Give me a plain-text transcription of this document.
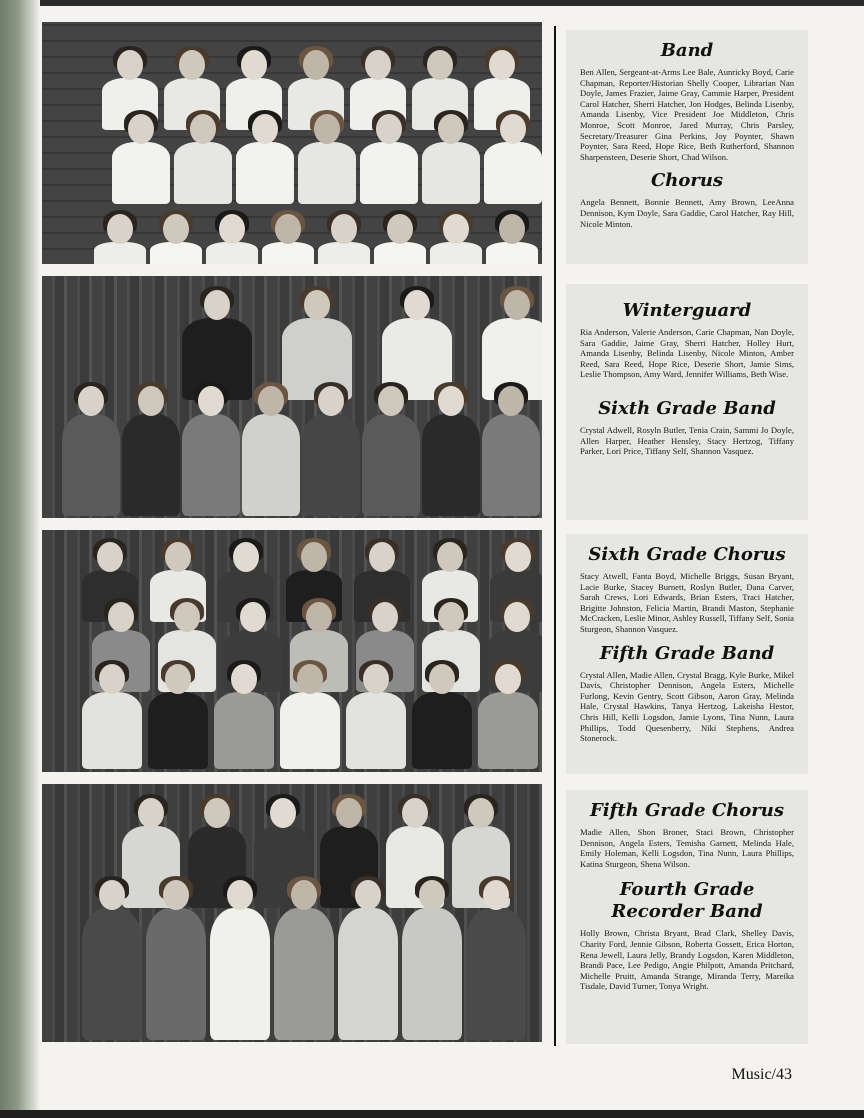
Band

Ben Allen, Sergeant-at-Arms Lee Bale, Aunricky Boyd, Carie Chapman, Reporter/Historian Shelly Cooper, Librarian Nan Doyle, James Frazier, Jaime Gray, Cammie Harper, President Carol Hatcher, Sherri Hatcher, Jon Hodges, Belinda Lisenby, Amanda Lisenby, Vice President Joe Middleton, Chris Monroe, Scott Monroe, Jared Murray, Chris Parsley, Secretary/Treasurer Gina Perkins, Joy Poynter, Shawn Poynter, Sara Reed, Hope Rice, Beth Rutherford, Shannon Sharpensteen, Deserie Short, Chad Wilson.

Chorus

Angela Bennett, Bonnie Bennett, Amy Brown, LeeAnna Dennison, Kym Doyle, Sara Gaddie, Carol Hatcher, Ray Hill, Nicole Minton.

Winterguard

Ria Anderson, Valerie Anderson, Carie Chapman, Nan Doyle, Sara Gaddie, Jaime Gray, Sherri Hatcher, Holley Hurt, Amanda Lisenby, Belinda Lisenby, Nicole Minton, Amber Reed, Sara Reed, Hope Rice, Deserie Short, Jamie Sims, Leslie Thompson, Amy Ward, Jennifer Williams, Beth Wise.

Sixth Grade Band

Crystal Adwell, Rosyln Butler, Tenia Crain, Sammi Jo Doyle, Allen Harper, Heather Hensley, Stacy Hertzog, Tiffany Parker, Lori Price, Tiffany Self, Shannon Vasquez.

Sixth Grade Chorus

Stacy Atwell, Fanta Boyd, Michelle Briggs, Susan Bryant, Lacie Burke, Stacey Burnett, Roslyn Butler, Dana Carver, Sarah Crews, Lori Edwards, Brian Esters, Traci Hatcher, Brigitte Johnston, Felicia Martin, Brandi Maston, Stephanie McCracken, Leslie Minor, Ashley Russell, Tiffany Self, Sonia Sturgeon, Shannon Vasquez.

Fifth Grade Band

Crystal Allen, Madie Allen, Crystal Bragg, Kyle Burke, Mikel Davis, Christopher Dennison, Angela Esters, Michelle Furlong, Kevin Gentry, Scott Gibson, Aaron Gray, Melinda Hale, Crystal Hawkins, Tanya Hertzog, Lakeisha Hestor, Chris Hill, Kelli Logsdon, Jamie Lyons, Tina Nunn, Laura Phillips, Todd Quesenberry, Niki Stephens, Andrea Stonerock.

Fifth Grade Chorus

Madie Allen, Shon Broner, Staci Brown, Christopher Dennison, Angela Esters, Temisha Garnett, Melinda Hale, Emily Holeman, Kelli Logsdon, Tina Nunn, Laura Phillips, Katina Sturgeon, Shena Wilson.

Fourth Grade Recorder Band

Holly Brown, Christa Bryant, Brad Clark, Shelley Davis, Charity Ford, Jennie Gibson, Roberta Gossett, Erica Horton, Rena Jewell, Laura Jelly, Brandy Logsdon, Karen Middleton, Brandi Pace, Lee Pedigo, Angie Philpott, Amanda Pritchard, Michelle Pruitt, Amanda Strange, Miranda Terry, Mareika Tisdale, David Turner, Tonya Wright.

Music/43
